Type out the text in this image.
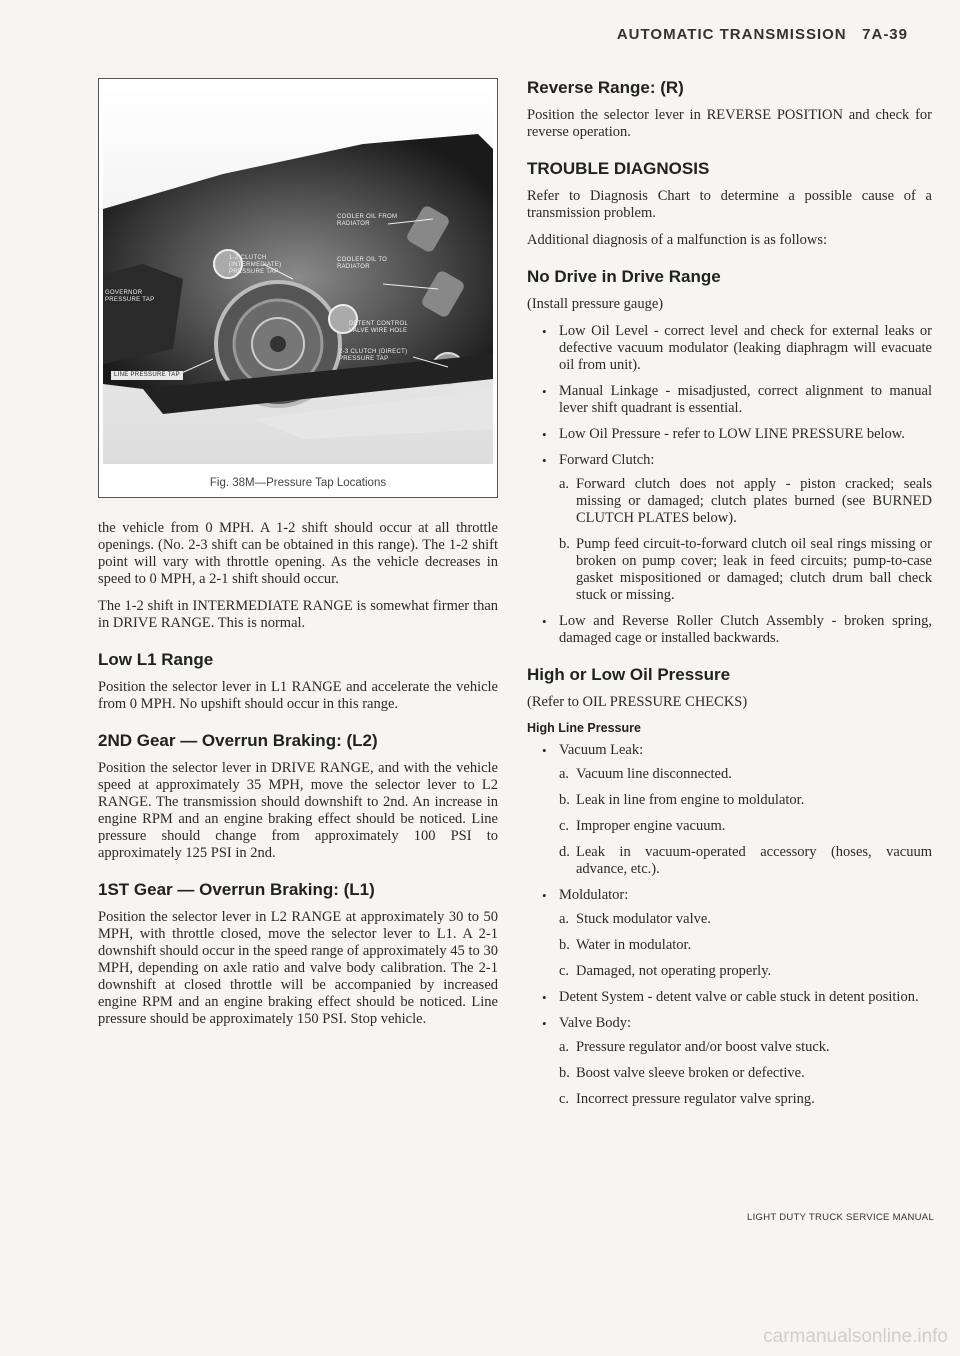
AUTOMATIC TRANSMISSION 7A-39
COOLER OIL FROM RADIATOR
1-2 CLUTCH (INTERMEDIATE) PRESSURE TAP
COOLER OIL TO RADIATOR
GOVERNOR PRESSURE TAP
DETENT CONTROL VALVE WIRE HOLE
2-3 CLUTCH (DIRECT) PRESSURE TAP
LINE PRESSURE TAP
Fig. 38M—Pressure Tap Locations

the vehicle from 0 MPH. A 1-2 shift should occur at all throttle openings. (No. 2-3 shift can be obtained in this range). The 1-2 shift point will vary with throttle opening. As the vehicle decreases in speed to 0 MPH, a 2-1 shift should occur.

The 1-2 shift in INTERMEDIATE RANGE is somewhat firmer than in DRIVE RANGE. This is normal.

Low L1 Range

Position the selector lever in L1 RANGE and accelerate the vehicle from 0 MPH. No upshift should occur in this range.

2ND Gear — Overrun Braking: (L2)

Position the selector lever in DRIVE RANGE, and with the vehicle speed at approximately 35 MPH, move the selector lever to L2 RANGE. The transmission should downshift to 2nd. An increase in engine RPM and an engine braking effect should be noticed. Line pressure should change from approximately 100 PSI to approximately 125 PSI in 2nd.

1ST Gear — Overrun Braking: (L1)

Position the selector lever in L2 RANGE at approximately 30 to 50 MPH, with throttle closed, move the selector lever to L1. A 2-1 downshift should occur in the speed range of approximately 45 to 30 MPH, depending on axle ratio and valve body calibration. The 2-1 downshift at closed throttle will be accompanied by increased engine RPM and an engine braking effect should be noticed. Line pressure should be approximately 150 PSI. Stop vehicle.

Reverse Range: (R)

Position the selector lever in REVERSE POSITION and check for reverse operation.

TROUBLE DIAGNOSIS

Refer to Diagnosis Chart to determine a possible cause of a transmission problem.

Additional diagnosis of a malfunction is as follows:

No Drive in Drive Range

(Install pressure gauge)

• Low Oil Level - correct level and check for external leaks or defective vacuum modulator (leaking diaphragm will evacuate oil from unit).
• Manual Linkage - misadjusted, correct alignment to manual lever shift quadrant is essential.
• Low Oil Pressure - refer to LOW LINE PRESSURE below.
• Forward Clutch:
a. Forward clutch does not apply - piston cracked; seals missing or damaged; clutch plates burned (see BURNED CLUTCH PLATES below).
b. Pump feed circuit-to-forward clutch oil seal rings missing or broken on pump cover; leak in feed circuits; pump-to-case gasket mispositioned or damaged; clutch drum ball check stuck or missing.
• Low and Reverse Roller Clutch Assembly - broken spring, damaged cage or installed backwards.
High or Low Oil Pressure

(Refer to OIL PRESSURE CHECKS)

High Line Pressure
• Vacuum Leak:
a. Vacuum line disconnected.
b. Leak in line from engine to moldulator.
c. Improper engine vacuum.
d. Leak in vacuum-operated accessory (hoses, vacuum advance, etc.).
• Moldulator:
a. Stuck modulator valve.
b. Water in modulator.
c. Damaged, not operating properly.
• Detent System - detent valve or cable stuck in detent position.
• Valve Body:
a. Pressure regulator and/or boost valve stuck.
b. Boost valve sleeve broken or defective.
c. Incorrect pressure regulator valve spring.
LIGHT DUTY TRUCK SERVICE MANUAL
carmanualsonline.info
